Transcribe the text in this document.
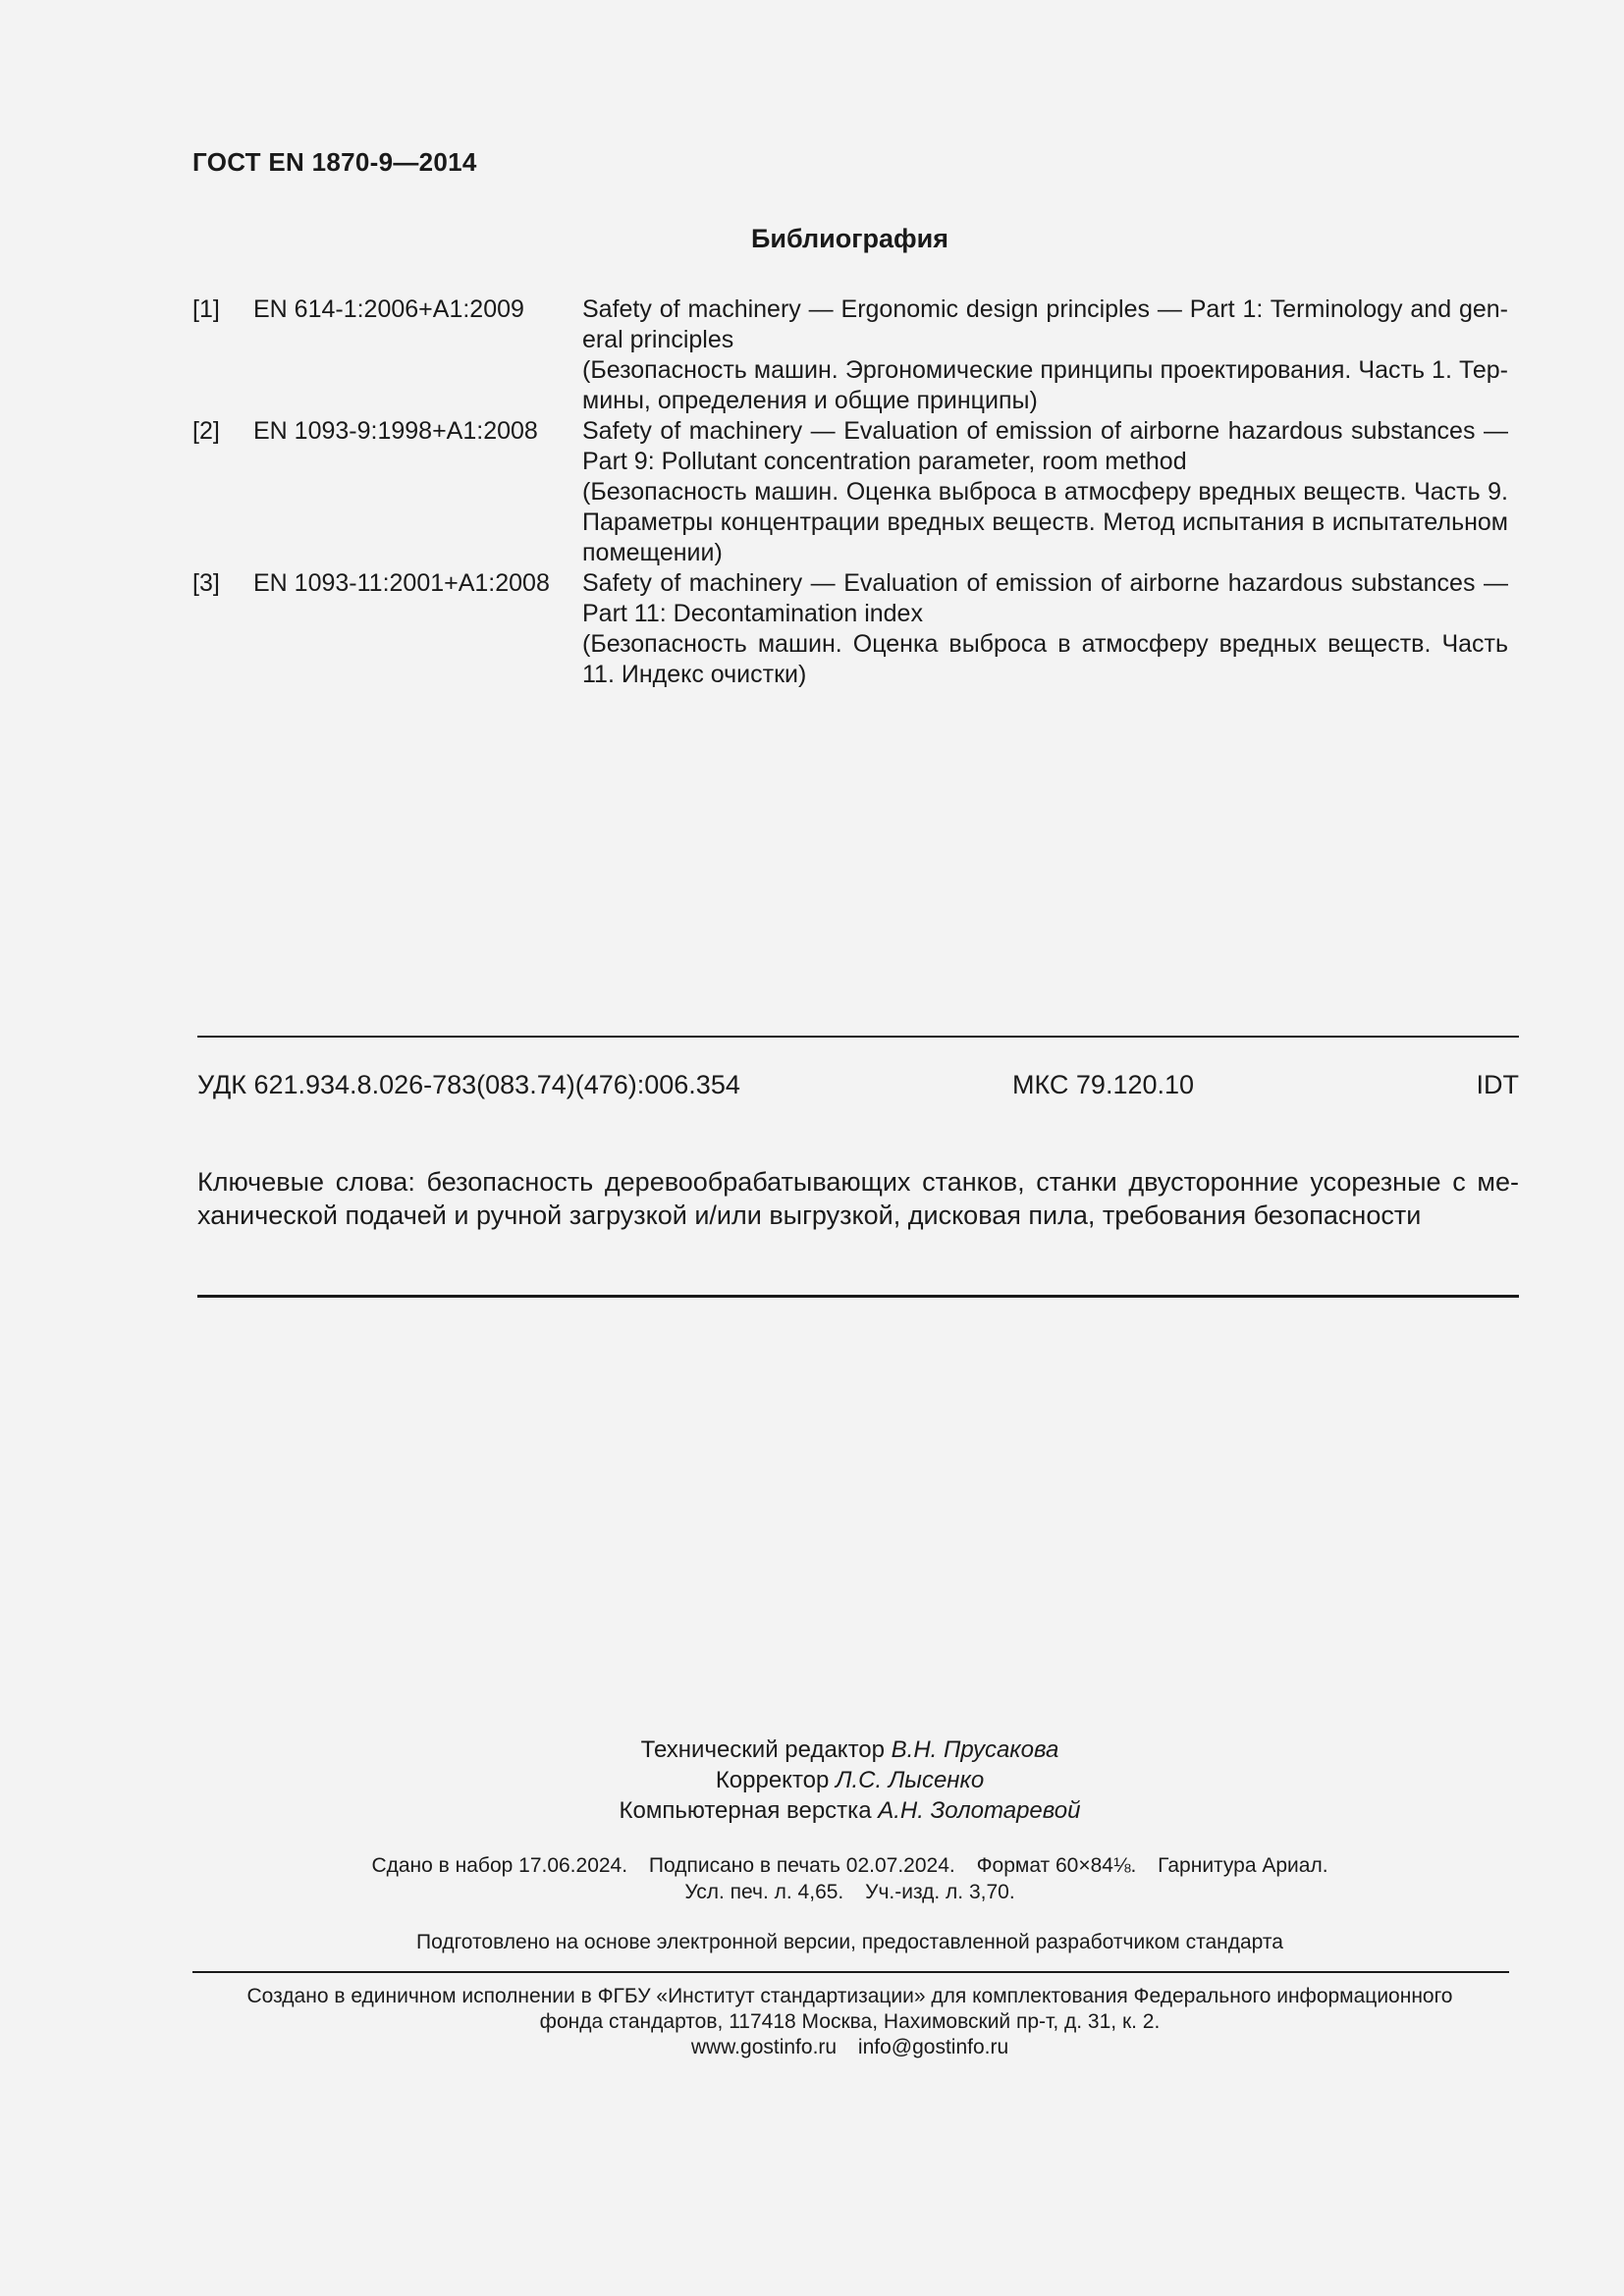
ГОСТ EN 1870-9—2014
Библиография
[1] EN 614-1:2006+A1:2009 Safety of machinery — Ergonomic design principles — Part 1: Terminology and gen-eral principles
(Безопасность машин. Эргономические принципы проектирования. Часть 1. Тер-мины, определения и общие принципы)
[2] EN 1093-9:1998+A1:2008 Safety of machinery — Evaluation of emission of airborne hazardous substances — Part 9: Pollutant concentration parameter, room method
(Безопасность машин. Оценка выброса в атмосферу вредных веществ. Часть 9. Параметры концентрации вредных веществ. Метод испытания в испытательном помещении)
[3] EN 1093-11:2001+A1:2008 Safety of machinery — Evaluation of emission of airborne hazardous substances — Part 11: Decontamination index
(Безопасность машин. Оценка выброса в атмосферу вредных веществ. Часть 11. Индекс очистки)
УДК 621.934.8.026-783(083.74)(476):006.354	МКС 79.120.10	IDT
Ключевые слова: безопасность деревообрабатывающих станков, станки двусторонние усорезные с ме-ханической подачей и ручной загрузкой и/или выгрузкой, дисковая пила, требования безопасности
Технический редактор В.Н. Прусакова
Корректор Л.С. Лысенко
Компьютерная верстка А.Н. Золотаревой
Сдано в набор 17.06.2024. Подписано в печать 02.07.2024. Формат 60×84⅛. Гарнитура Ариал.
Усл. печ. л. 4,65. Уч.-изд. л. 3,70.
Подготовлено на основе электронной версии, предоставленной разработчиком стандарта
Создано в единичном исполнении в ФГБУ «Институт стандартизации» для комплектования Федерального информационного
фонда стандартов, 117418 Москва, Нахимовский пр-т, д. 31, к. 2.
www.gostinfo.ru info@gostinfo.ru
